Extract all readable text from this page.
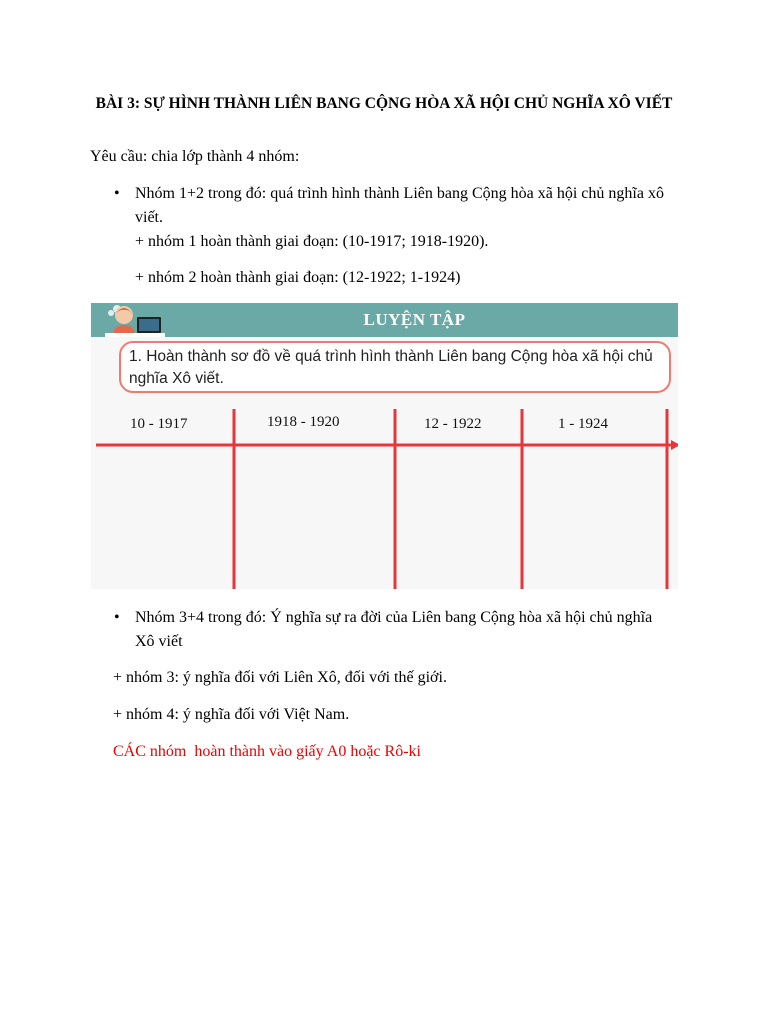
BÀI 3: SỰ HÌNH THÀNH LIÊN BANG CỘNG HÒA XÃ HỘI CHỦ NGHĨA XÔ VIẾT
Yêu cầu: chia lớp thành 4 nhóm:
• Nhóm 1+2 trong đó: quá trình hình thành Liên bang Cộng hòa xã hội chủ nghĩa xô viết.
+ nhóm 1 hoàn thành giai đoạn: (10-1917; 1918-1920).
+ nhóm 2 hoàn thành giai đoạn: (12-1922; 1-1924)
LUYỆN TẬP
1. Hoàn thành sơ đồ về quá trình hình thành Liên bang Cộng hòa xã hội chủ nghĩa Xô viết.
10 - 1917	1918 - 1920	12 - 1922	1 - 1924
• Nhóm 3+4 trong đó: Ý nghĩa sự ra đời của Liên bang Cộng hòa xã hội chủ nghĩa Xô viết
+ nhóm 3: ý nghĩa đối với Liên Xô, đối với thế giới.
+ nhóm 4: ý nghĩa đối với Việt Nam.
CÁC nhóm  hoàn thành vào giấy A0 hoặc Rô-ki
